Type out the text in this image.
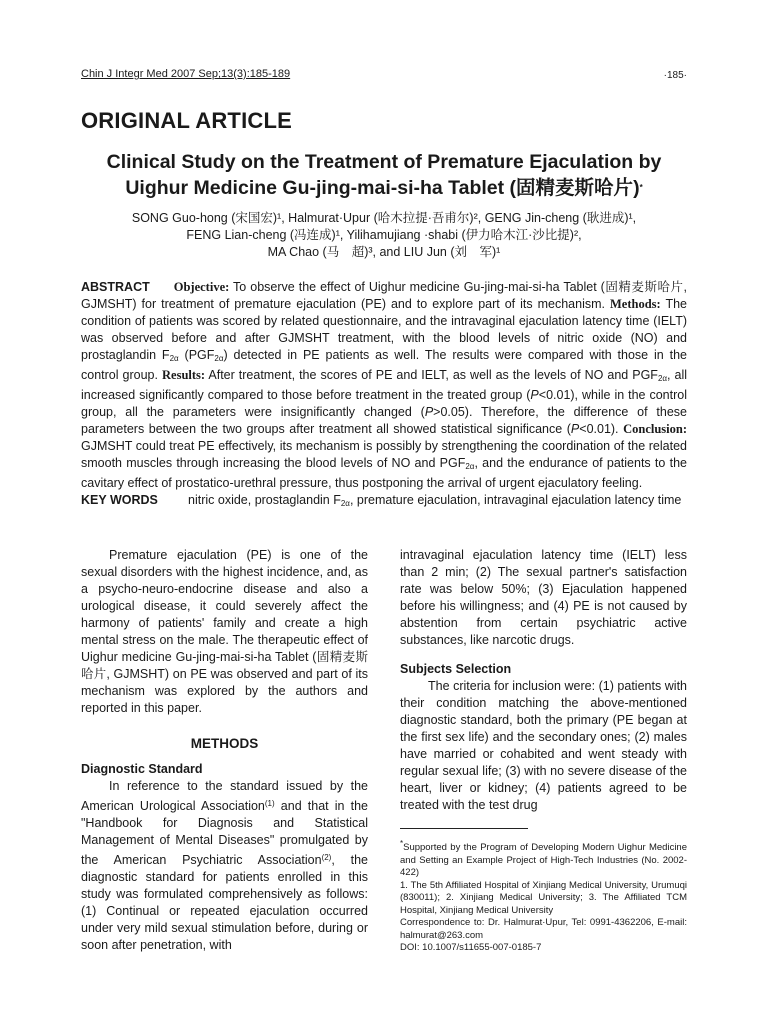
Chin J Integr Med 2007 Sep;13(3):185-189	·185·
ORIGINAL ARTICLE
Clinical Study on the Treatment of Premature Ejaculation by
Uighur Medicine Gu-jing-mai-si-ha Tablet (固精麦斯哈片)*
SONG Guo-hong (宋国宏)¹, Halmurat·Upur (哈木拉提·吾甫尔)², GENG Jin-cheng (耿进成)¹,
FENG Lian-cheng (冯连成)¹, Yilihamujiang ·shabi (伊力哈木江·沙比提)²,
MA Chao (马　超)³, and LIU Jun (刘　军)¹
ABSTRACT Objective: To observe the effect of Uighur medicine Gu-jing-mai-si-ha Tablet (固精麦斯哈片, GJMSHT) for treatment of premature ejaculation (PE) and to explore part of its mechanism. Methods: The condition of patients was scored by related questionnaire, and the intravaginal ejaculation latency time (IELT) was observed before and after GJMSHT treatment, with the blood levels of nitric oxide (NO) and prostaglandin $F_{2\alpha}$ $(PGF_{2\alpha})$ detected in PE patients as well. The results were compared with those in the control group. Results: After treatment, the scores of PE and IELT, as well as the levels of NO and $PGF_{2\alpha}$, all increased significantly compared to those before treatment in the treated group (P<0.01), while in the control group, all the parameters were insignificantly changed (P>0.05). Therefore, the difference of these parameters between the two groups after treatment all showed statistical significance (P<0.01). Conclusion: GJMSHT could treat PE effectively, its mechanism is possibly by strengthening the coordination of the related smooth muscles through increasing the blood levels of NO and $PGF_{2\alpha}$, and the endurance of patients to the cavitary effect of prostatico-urethral pressure, thus postponing the arrival of urgent ejaculatory feeling.
KEY WORDS nitric oxide, prostaglandin $F_{2\alpha}$, premature ejaculation, intravaginal ejaculation latency time

Premature ejaculation (PE) is one of the sexual disorders with the highest incidence, and, as a psycho-neuro-endocrine disease and also a urological disease, it could severely affect the harmony of patients' family and create a high mental stress on the male. The therapeutic effect of Uighur medicine Gu-jing-mai-si-ha Tablet (固精麦斯哈片, GJMSHT) on PE was observed and part of its mechanism was explored by the authors and reported in this paper.

METHODS
Diagnostic Standard

In reference to the standard issued by the American Urological Association$^{(1)}$ and that in the "Handbook for Diagnosis and Statistical Management of Mental Diseases" promulgated by the American Psychiatric Association$^{(2)}$, the diagnostic standard for patients enrolled in this study was formulated comprehensively as follows: (1) Continual or repeated ejaculation occurred under very mild sexual stimulation before, during or soon after penetration, with

intravaginal ejaculation latency time (IELT) less than 2 min; (2) The sexual partner's satisfaction rate was below 50%; (3) Ejaculation happened before his willingness; and (4) PE is not caused by abstention from certain psychiatric active substances, like narcotic drugs.

Subjects Selection

The criteria for inclusion were: (1) patients with their condition matching the above-mentioned diagnostic standard, both the primary (PE began at the first sex life) and the secondary ones; (2) males have married or cohabited and went steady with regular sexual life; (3) with no severe disease of the heart, liver or kidney; (4) patients agreed to be treated with the test drug

*Supported by the Program of Developing Modern Uighur Medicine and Setting an Example Project of High-Tech Industries (No. 2002-422)
1. The 5th Affiliated Hospital of Xinjiang Medical University, Urumuqi (830011); 2. Xinjiang Medical University; 3. The Affiliated TCM Hospital, Xinjiang Medical University
Correspondence to: Dr. Halmurat·Upur, Tel: 0991-4362206, E-mail: halmurat@263.com
DOI: 10.1007/s11655-007-0185-7
